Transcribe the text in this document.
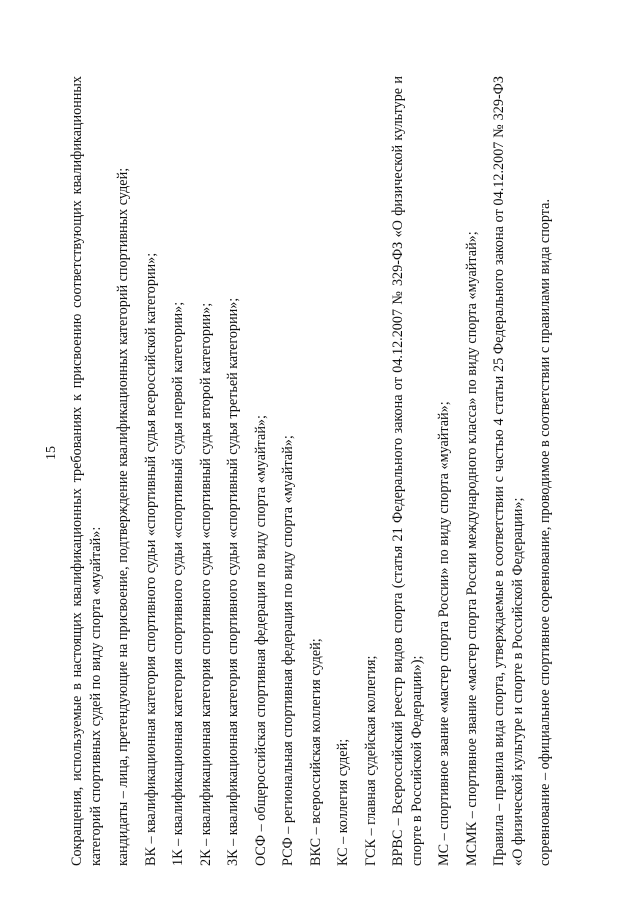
15 Сокращения, используемые в настоящих квалификационных требованиях к присвоению соответствующих квалификационных категорий спортивных судей по виду спорта «муайтай»: кандидаты – лица, претендующие на присвоение, подтверждение квалификационных категорий спортивных судей; ВК – квалификационная категория спортивного судьи «спортивный судья всероссийской категории»; 1К – квалификационная категория спортивного судьи «спортивный судья первой категории»; 2К – квалификационная категория спортивного судьи «спортивный судья второй категории»; 3К – квалификационная категория спортивного судьи «спортивный судья третьей категории»; ОСФ – общероссийская спортивная федерация по виду спорта «муайтай»; РСФ – региональная спортивная федерация по виду спорта «муайтай»; ВКС – всероссийская коллегия судей; КС – коллегия судей; ГСК – главная судейская коллегия; ВРВС – Всероссийский реестр видов спорта (статья 21 Федерального закона от 04.12.2007 № 329-ФЗ «О физической культуре и спорте в Российской Федерации»); МС – спортивное звание «мастер спорта России» по виду спорта «муайтай»; МСМК – спортивное звание «мастер спорта России международного класса» по виду спорта «муайтай»; Правила – правила вида спорта, утверждаемые в соответствии с частью 4 статьи 25 Федерального закона от 04.12.2007 № 329-ФЗ «О физической культуре и спорте в Российской Федерации»; соревнование – официальное спортивное соревнование, проводимое в соответствии с правилами вида спорта.
